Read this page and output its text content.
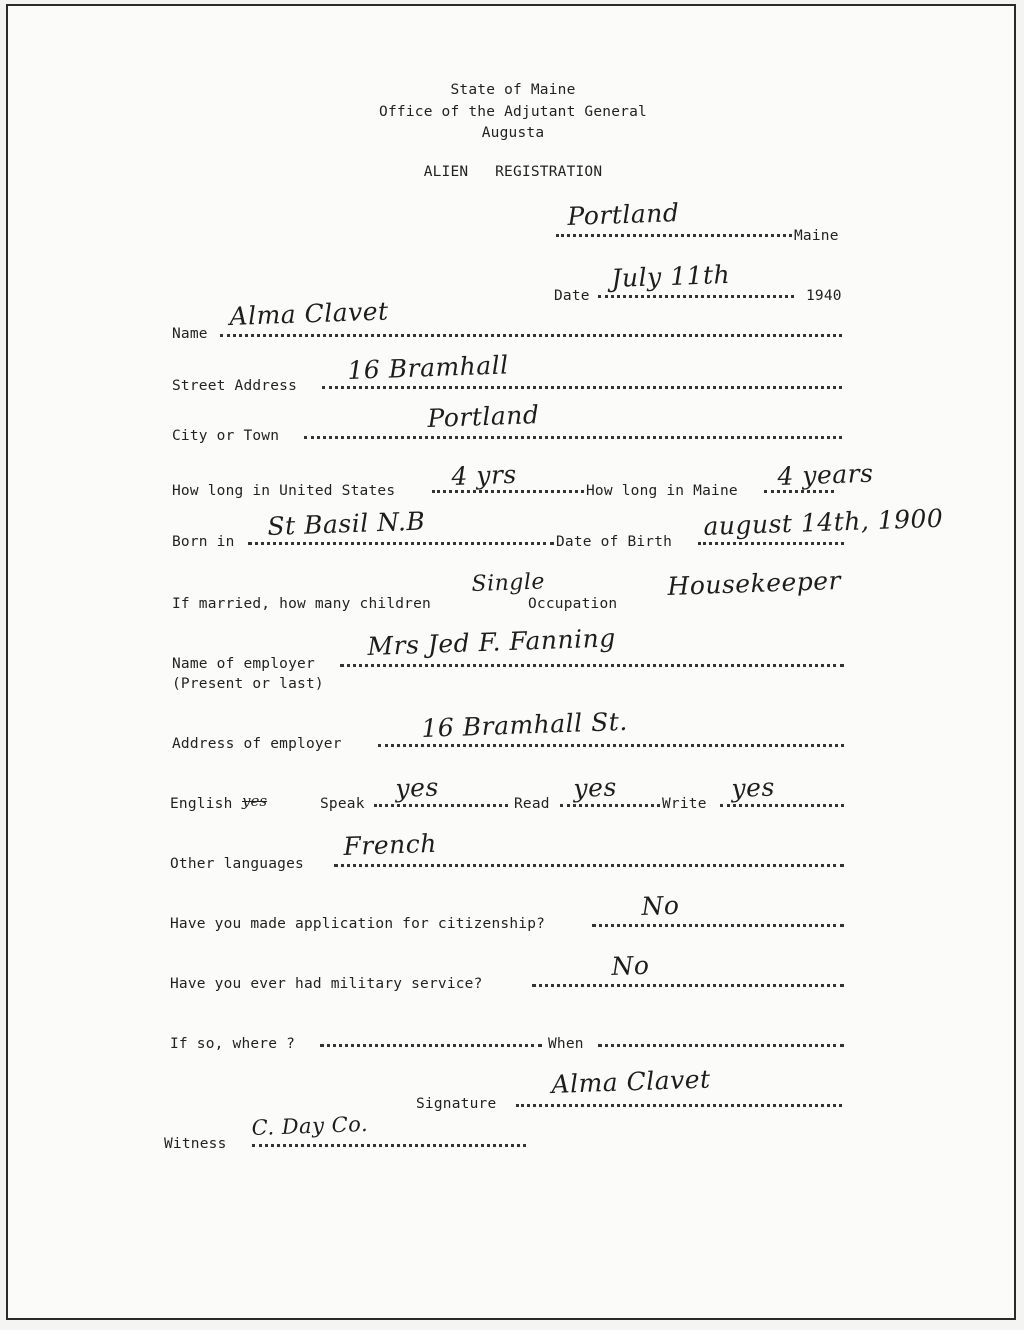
State of Maine
Office of the Adjutant General
Augusta
ALIEN   REGISTRATION
Portland
Maine
Date
July 11th
1940
Name
Alma Clavet
Street Address
16 Bramhall
City or Town
Portland
How long in United States 4 yrs	How long in Maine 4 years
Born in
St Basil N.B
Date of Birth
august 14th, 1900
If married, how many children
Single
Occupation
Housekeeper
Name of employer
(Present or last)
Mrs Jed F. Fanning
Address of employer
16 Bramhall St.
English yes	Speak
yes
Read
yes
Write
yes
Other languages
French
Have you made application for citizenship?
No
Have you ever had military service?
No
If so, where ?	When
Signature
Alma Clavet
Witness
C. Day Co.
